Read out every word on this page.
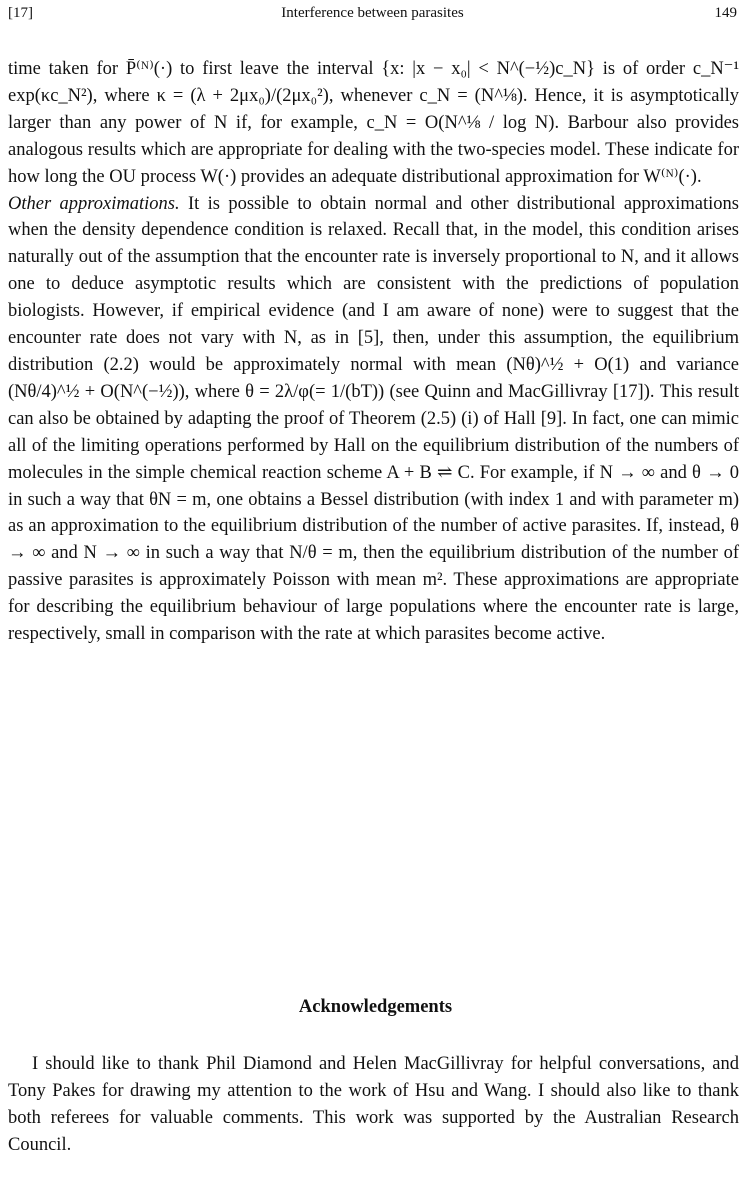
[17]	Interference between parasites	149

time taken for P̄⁽ᴺ⁾(·) to first leave the interval {x: |x − x₀| < N^(−½)c_N} is of order c_N⁻¹ exp(κc_N²), where κ = (λ + 2μx₀)/(2μx₀²), whenever c_N = (N^⅛). Hence, it is asymptotically larger than any power of N if, for example, c_N = O(N^⅛ / log N). Barbour also provides analogous results which are appropriate for dealing with the two-species model. These indicate for how long the OU process W(·) provides an adequate distributional approximation for W⁽ᴺ⁾(·).

Other approximations. It is possible to obtain normal and other distributional approximations when the density dependence condition is relaxed. Recall that, in the model, this condition arises naturally out of the assumption that the encounter rate is inversely proportional to N, and it allows one to deduce asymptotic results which are consistent with the predictions of population biologists. However, if empirical evidence (and I am aware of none) were to suggest that the encounter rate does not vary with N, as in [5], then, under this assumption, the equilibrium distribution (2.2) would be approximately normal with mean (Nθ)^½ + O(1) and variance (Nθ/4)^½ + O(N^(−½)), where θ = 2λ/φ(= 1/(bT)) (see Quinn and MacGillivray [17]). This result can also be obtained by adapting the proof of Theorem (2.5) (i) of Hall [9]. In fact, one can mimic all of the limiting operations performed by Hall on the equilibrium distribution of the numbers of molecules in the simple chemical reaction scheme A + B ⇌ C. For example, if N → ∞ and θ → 0 in such a way that θN = m, one obtains a Bessel distribution (with index 1 and with parameter m) as an approximation to the equilibrium distribution of the number of active parasites. If, instead, θ → ∞ and N → ∞ in such a way that N/θ = m, then the equilibrium distribution of the number of passive parasites is approximately Poisson with mean m². These approximations are appropriate for describing the equilibrium behaviour of large populations where the encounter rate is large, respectively, small in comparison with the rate at which parasites become active.

Acknowledgements

I should like to thank Phil Diamond and Helen MacGillivray for helpful conversations, and Tony Pakes for drawing my attention to the work of Hsu and Wang. I should also like to thank both referees for valuable comments. This work was supported by the Australian Research Council.
